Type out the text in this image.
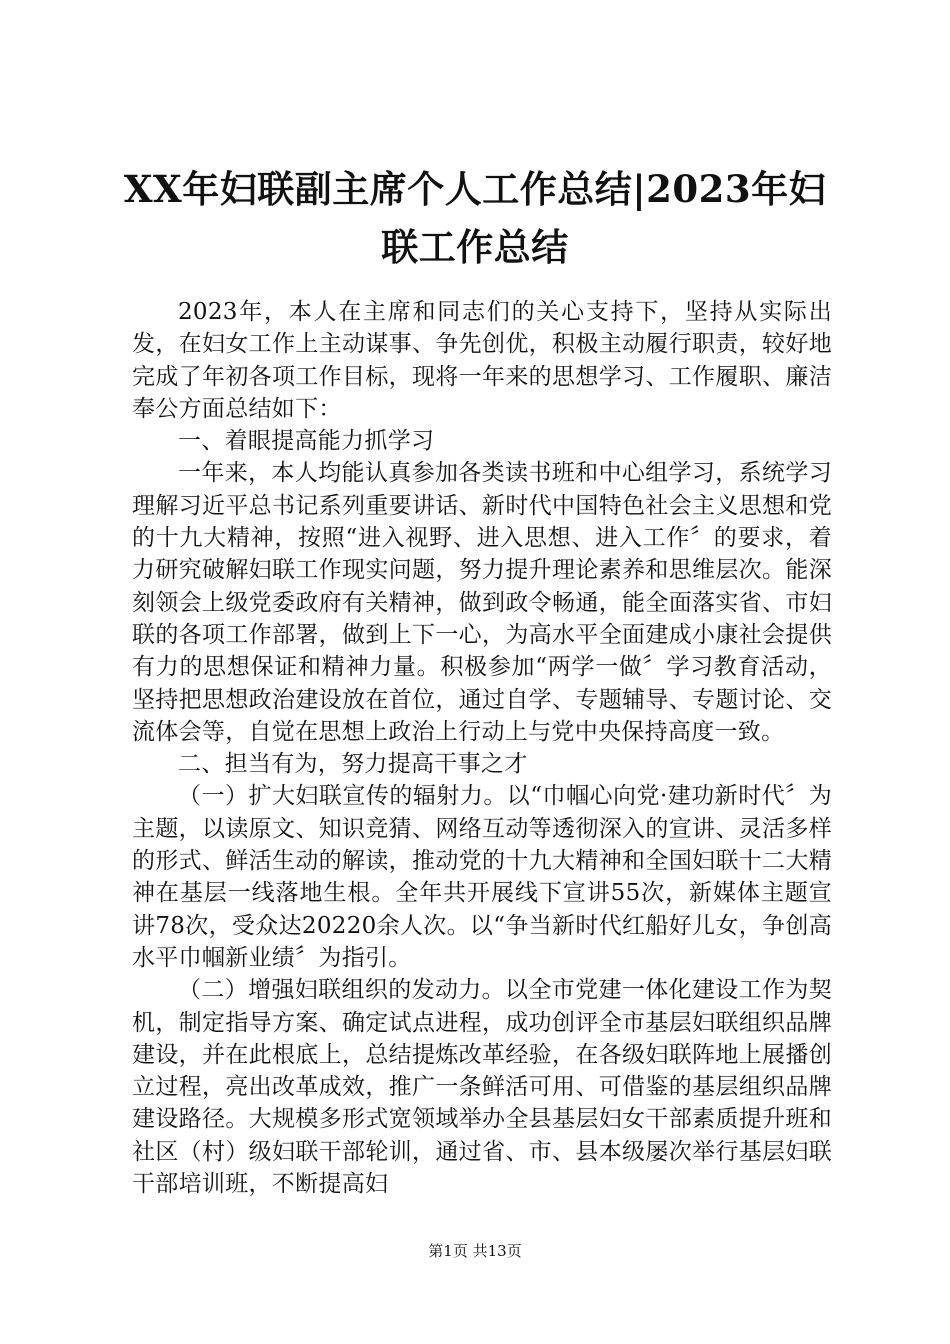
XX年妇联副主席个人工作总结|2023年妇联工作总结

2023年，本人在主席和同志们的关心支持下，坚持从实际出发，在妇女工作上主动谋事、争先创优，积极主动履行职责，较好地完成了年初各项工作目标，现将一年来的思想学习、工作履职、廉洁奉公方面总结如下：

一、着眼提高能力抓学习

一年来，本人均能认真参加各类读书班和中心组学习，系统学习理解习近平总书记系列重要讲话、新时代中国特色社会主义思想和党的十九大精神，按照“进入视野、进入思想、进入工作〞的要求，着力研究破解妇联工作现实问题，努力提升理论素养和思维层次。能深刻领会上级党委政府有关精神，做到政令畅通，能全面落实省、市妇联的各项工作部署，做到上下一心，为高水平全面建成小康社会提供有力的思想保证和精神力量。积极参加“两学一做〞学习教育活动，坚持把思想政治建设放在首位，通过自学、专题辅导、专题讨论、交流体会等，自觉在思想上政治上行动上与党中央保持高度一致。

二、担当有为，努力提高干事之才

（一）扩大妇联宣传的辐射力。以“巾帼心向党·建功新时代〞为主题，以读原文、知识竞猜、网络互动等透彻深入的宣讲、灵活多样的形式、鲜活生动的解读，推动党的十九大精神和全国妇联十二大精神在基层一线落地生根。全年共开展线下宣讲55次，新媒体主题宣讲78次，受众达20220余人次。以“争当新时代红船好儿女，争创高水平巾帼新业绩〞为指引。

（二）增强妇联组织的发动力。以全市党建一体化建设工作为契机，制定指导方案、确定试点进程，成功创评全市基层妇联组织品牌建设，并在此根底上，总结提炼改革经验，在各级妇联阵地上展播创立过程，亮出改革成效，推广一条鲜活可用、可借鉴的基层组织品牌建设路径。大规模多形式宽领域举办全县基层妇女干部素质提升班和社区（村）级妇联干部轮训，通过省、市、县本级屡次举行基层妇联干部培训班，不断提高妇

第1页 共13页
